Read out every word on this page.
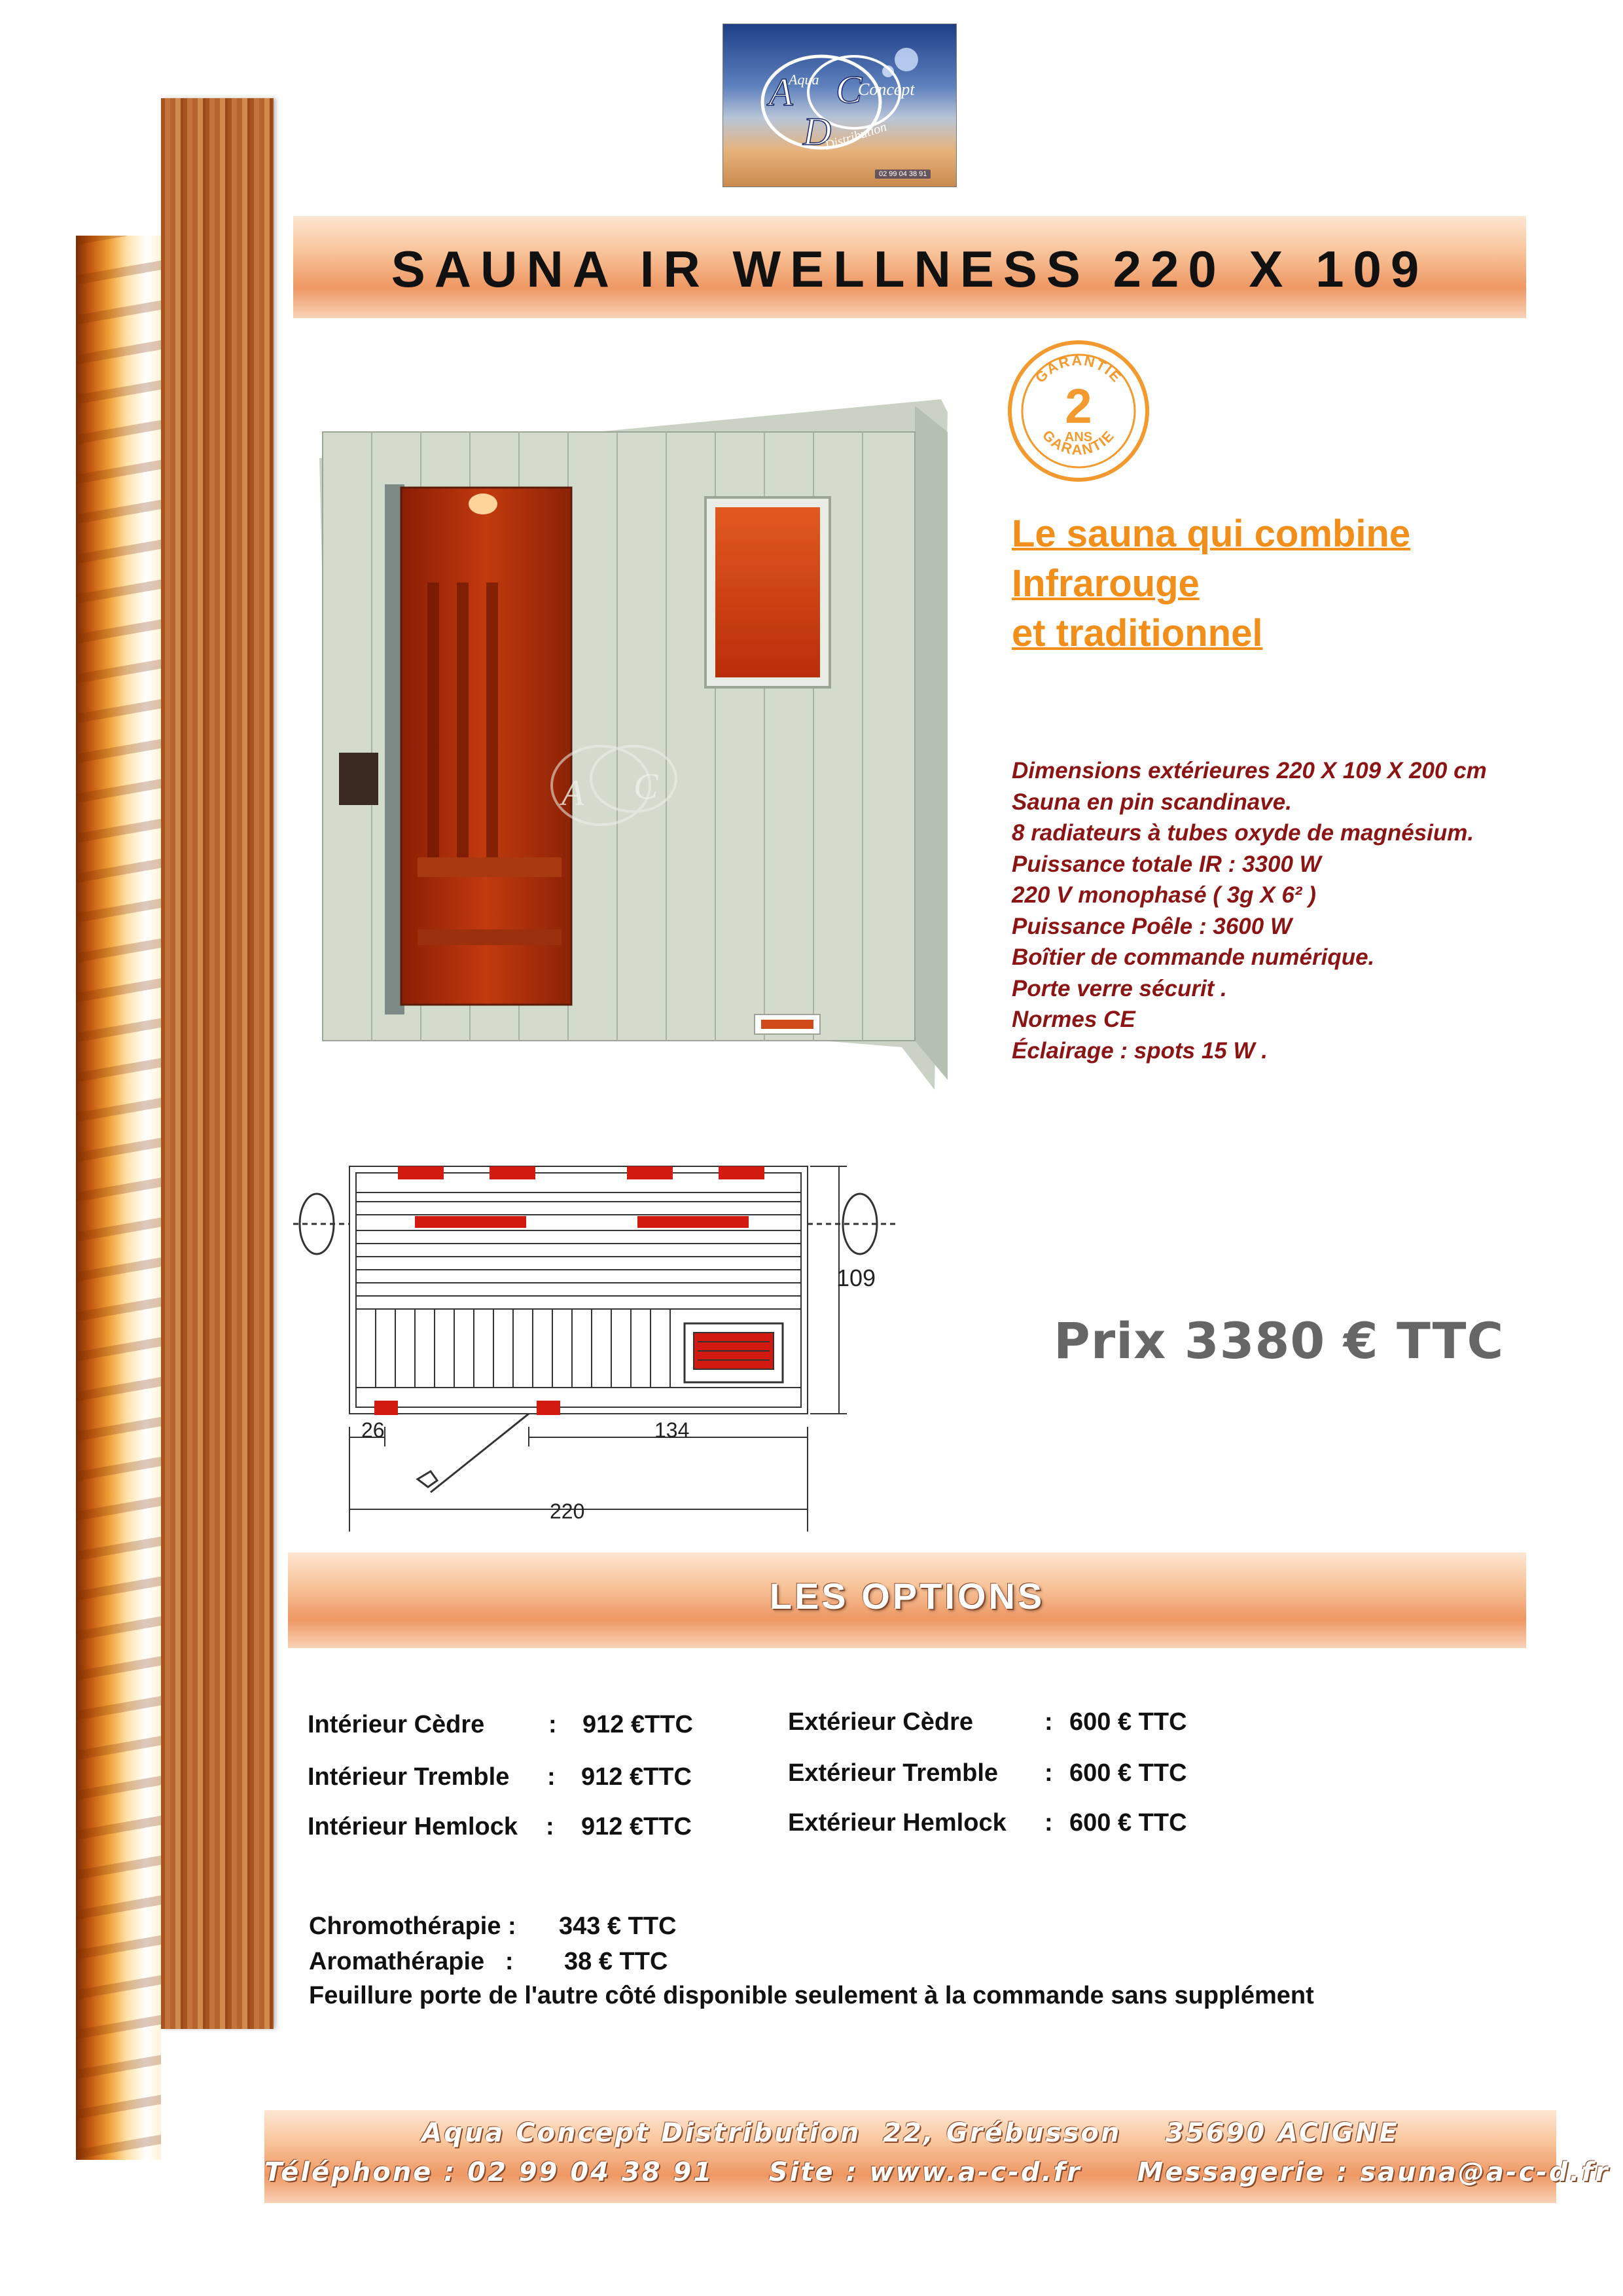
A C
D
Aqua
Concept
Distribution
02 99 04 38 91
SAUNA IR WELLNESS 220 X 109
A C
GARANTIE
GARANTIE
2
ANS
Le sauna qui combine
Infrarouge
et traditionnel
Dimensions extérieures 220 X 109 X 200 cm
Sauna en pin scandinave.
8 radiateurs à tubes oxyde de magnésium.
Puissance totale IR : 3300 W
220 V monophasé ( 3g X 6² )
Puissance Poêle : 3600 W
Boîtier de commande numérique.
Porte verre sécurit .
Normes CE
Éclairage : spots 15 W .
109
26	134
220
Prix 3380 € TTC
LES OPTIONS
Intérieur Cèdre	: 912 €TTC
Intérieur Tremble : 912 €TTC
Intérieur Hemlock : 912 €TTC
Extérieur Cèdre	: 600 € TTC
Extérieur Tremble : 600 € TTC
Extérieur Hemlock : 600 € TTC
Chromothérapie : 343 € TTC
Aromathérapie   : 38 € TTC
Feuillure porte de l'autre côté disponible seulement à la commande sans supplément
Aqua Concept Distribution  22, Grébusson    35690 ACIGNE
Téléphone : 02 99 04 38 91     Site : www.a-c-d.fr     Messagerie : sauna@a-c-d.fr
